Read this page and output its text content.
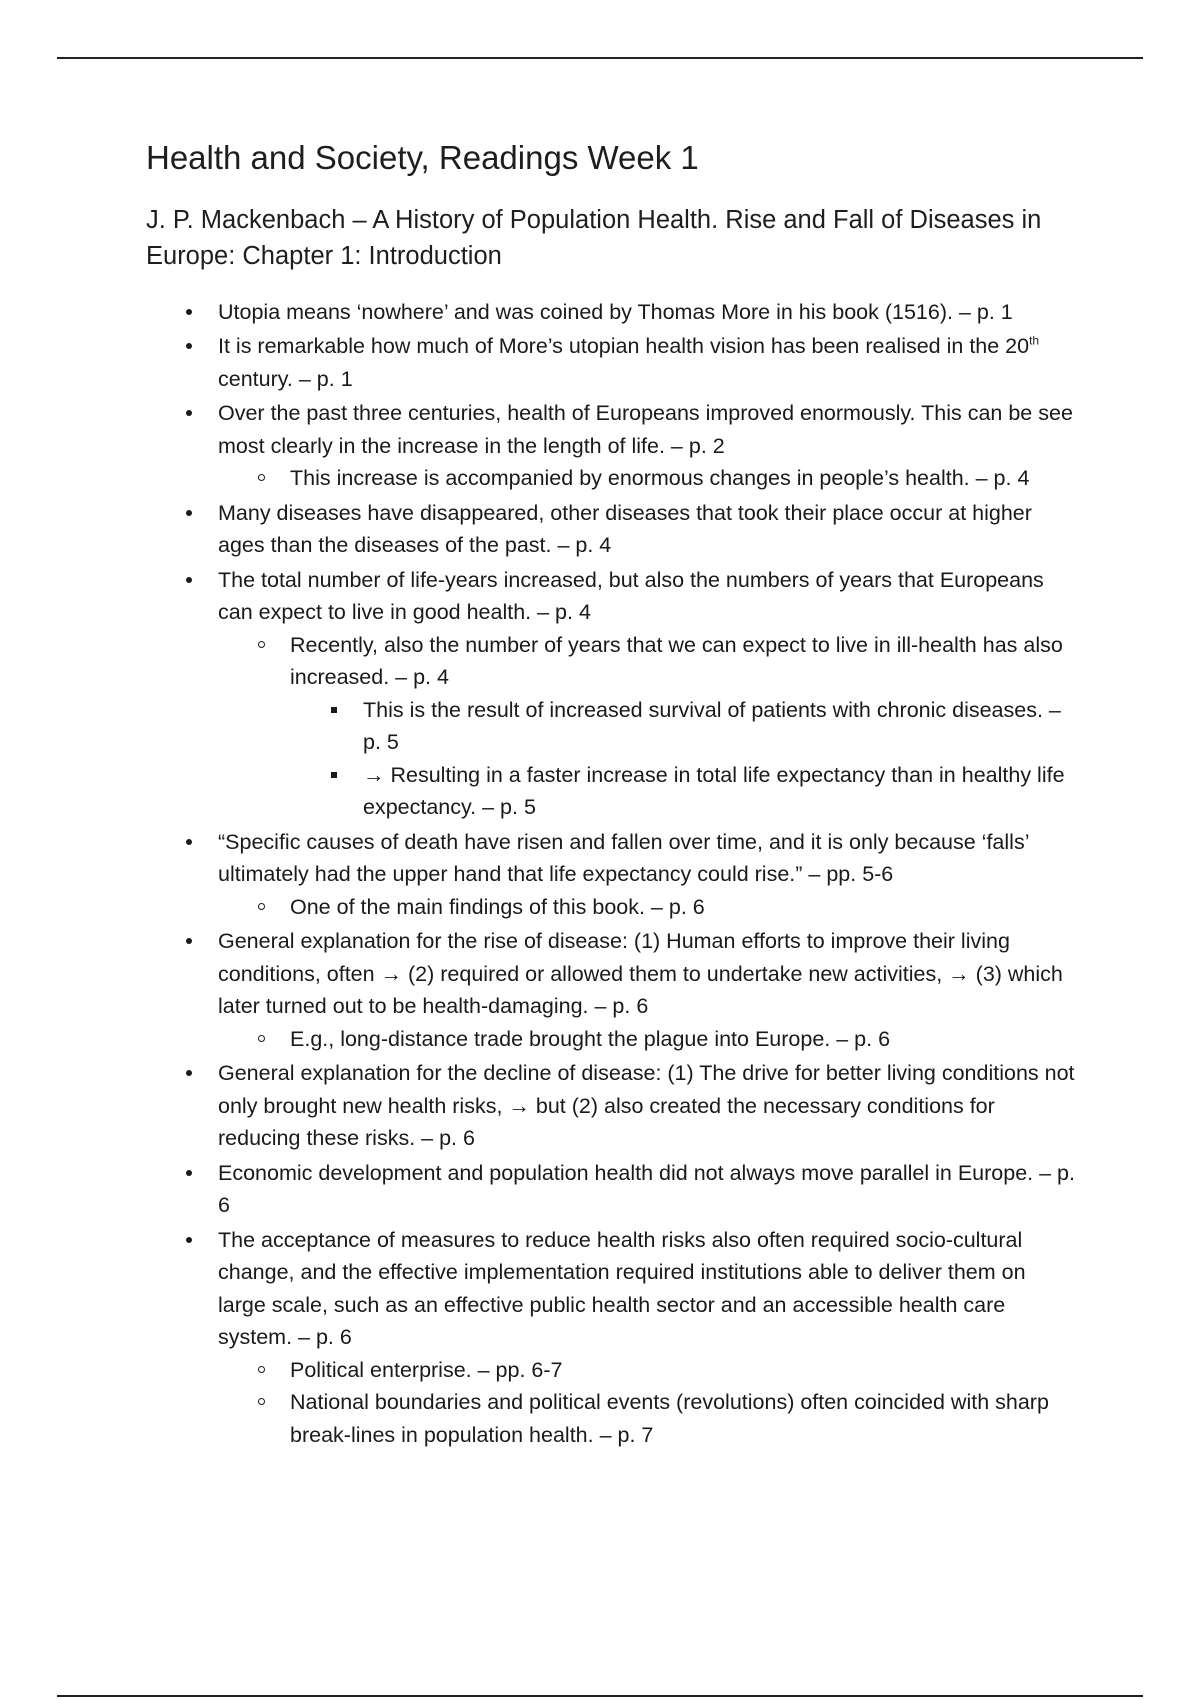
Health and Society, Readings Week 1
J. P. Mackenbach – A History of Population Health. Rise and Fall of Diseases in Europe: Chapter 1: Introduction
Utopia means ‘nowhere’ and was coined by Thomas More in his book (1516). – p. 1
It is remarkable how much of More’s utopian health vision has been realised in the 20th century. – p. 1
Over the past three centuries, health of Europeans improved enormously. This can be see most clearly in the increase in the length of life. – p. 2
This increase is accompanied by enormous changes in people’s health. – p. 4
Many diseases have disappeared, other diseases that took their place occur at higher ages than the diseases of the past. – p. 4
The total number of life-years increased, but also the numbers of years that Europeans can expect to live in good health. – p. 4
Recently, also the number of years that we can expect to live in ill-health has also increased. – p. 4
This is the result of increased survival of patients with chronic diseases. – p. 5
→ Resulting in a faster increase in total life expectancy than in healthy life expectancy. – p. 5
“Specific causes of death have risen and fallen over time, and it is only because ‘falls’ ultimately had the upper hand that life expectancy could rise.” – pp. 5-6
One of the main findings of this book. – p. 6
General explanation for the rise of disease: (1) Human efforts to improve their living conditions, often → (2) required or allowed them to undertake new activities, → (3) which later turned out to be health-damaging. – p. 6
E.g., long-distance trade brought the plague into Europe. – p. 6
General explanation for the decline of disease: (1) The drive for better living conditions not only brought new health risks, → but (2) also created the necessary conditions for reducing these risks. – p. 6
Economic development and population health did not always move parallel in Europe. – p. 6
The acceptance of measures to reduce health risks also often required socio-cultural change, and the effective implementation required institutions able to deliver them on large scale, such as an effective public health sector and an accessible health care system. – p. 6
Political enterprise. – pp. 6-7
National boundaries and political events (revolutions) often coincided with sharp break-lines in population health. – p. 7
